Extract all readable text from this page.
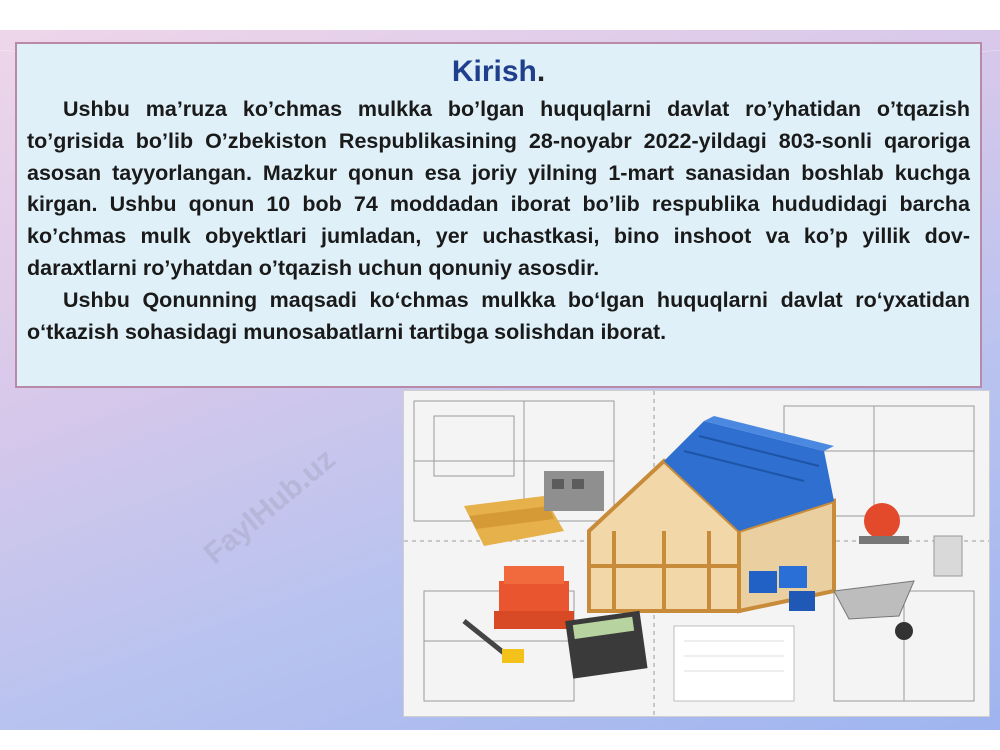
Kirish.

Ushbu ma’ruza ko’chmas mulkka bo’lgan huquqlarni davlat ro’yhatidan o’tqazish to’grisida bo’lib O’zbekiston Respublikasining 28-noyabr 2022-yildagi 803-sonli qaroriga asosan tayyorlangan. Mazkur qonun esa joriy yilning 1-mart sanasidan boshlab kuchga kirgan. Ushbu qonun 10 bob 74 moddadan iborat bo’lib respublika hududidagi barcha ko’chmas mulk obyektlari jumladan, yer uchastkasi, bino inshoot va ko’p yillik dov-daraxtlarni ro’yhatdan o’tqazish uchun qonuniy asosdir.

Ushbu Qonunning maqsadi ko‘chmas mulkka bo‘lgan huquqlarni davlat ro‘yxatidan o‘tkazish sohasidagi munosabatlarni tartibga solishdan iborat.

FaylHub.uz
